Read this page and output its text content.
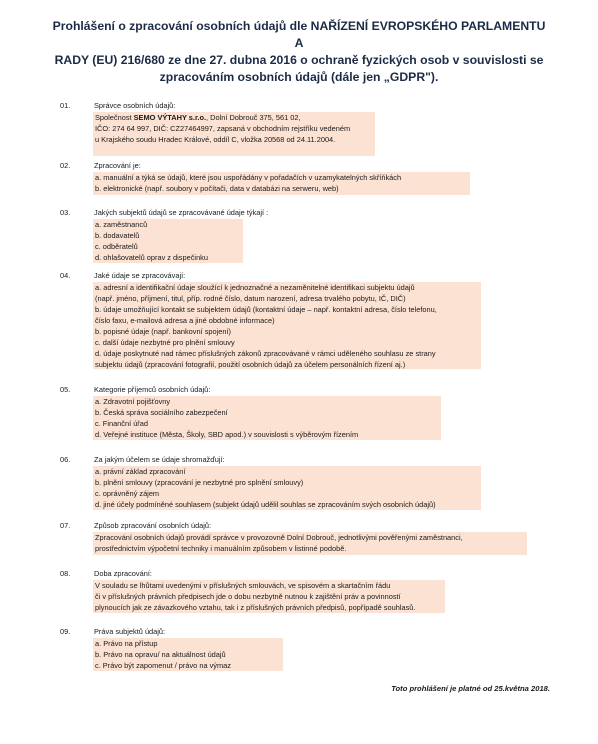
Prohlášení o zpracování osobních údajů dle NAŘÍZENÍ EVROPSKÉHO PARLAMENTU A
RADY (EU) 216/680 ze dne 27. dubna 2016 o ochraně fyzických osob v souvislosti se
zpracováním osobních údajů (dále jen „GDPR").
01.	Správce osobních údajů:
Společnost SEMO VÝTAHY s.r.o., Dolní Dobrouč 375, 561 02,
IČO: 274 64 997, DIČ: CZ27464997, zapsaná v obchodním rejstříku vedeném
u Krajského soudu Hradec Králové, oddíl C, vložka 20568 od 24.11.2004.
02.	Zpracování je:
a. manuální a týká se údajů, které jsou uspořádány v pořadačích v uzamykatelných skříňkách
b. elektronické (např. soubory v počítači, data v databázi na serweru, web)
03.	Jakých subjektů údajů se zpracovávané údaje týkají :
a. zaměstnanců
b. dodavatelů
c. odběratelů
d. ohlašovatelů oprav z dispečinku
04.	Jaké údaje se zpracovávají:
a. adresní a identifikační údaje sloužící k jednoznačné a nezaměnitelné identifikaci subjektu údajů
(např. jméno, příjmení, titul, příp. rodné číslo, datum narození, adresa trvalého pobytu, IČ, DIČ)
b. údaje umožňující kontakt se subjektem údajů (kontaktní údaje – např. kontaktní adresa, číslo telefonu,
číslo faxu, e-mailová adresa a jiné obdobné informace)
b. popisné údaje (např. bankovní spojení)
c. další údaje nezbytné pro plnění smlouvy
d. údaje poskytnuté nad rámec příslušných zákonů zpracovávané v rámci uděleného souhlasu ze strany
subjektu údajů (zpracování fotografií, použití osobních údajů za účelem personálních řízení aj.)
05.	Kategorie příjemců osobních údajů:
a. Zdravotní pojišťovny
b. Česká správa sociálního zabezpečení
c. Finanční úřad
d. Veřejné instituce (Města, Školy, SBD apod.) v souvislosti s výběrovým řízením
06.	Za jakým účelem se údaje shromažďují:
a. právní základ zpracování
b. plnění smlouvy (zpracování je nezbytné pro splnění smlouvy)
c. oprávněný zájem
d. jiné účely podmíněné souhlasem (subjekt údajů udělil souhlas se zpracováním svých osobních údajů)
07.	Způsob zpracování osobních údajů:
Zpracování osobních údajů provádí správce v provozovně Dolní Dobrouč, jednotlivými pověřenými zaměstnanci,
prostřednictvím výpočetní techniky i manuálním způsobem v listinné podobě.
08.	Doba zpracování:
V souladu se lhůtami uvedenými v příslušných smlouvách, ve spisovém a skartačním řádu
či v příslušných právních předpisech jde o dobu nezbytně nutnou k zajištění práv a povinností
plynoucích jak ze závazkového vztahu, tak i z příslušných právních předpisů, popřípadě souhlasů.
09.	Práva subjektů údajů:
a. Právo na přístup
b. Právo na opravu/ na aktuálnost údajů
c. Právo být zapomenut / právo na výmaz
Toto prohlášení je platné od 25.května 2018.
